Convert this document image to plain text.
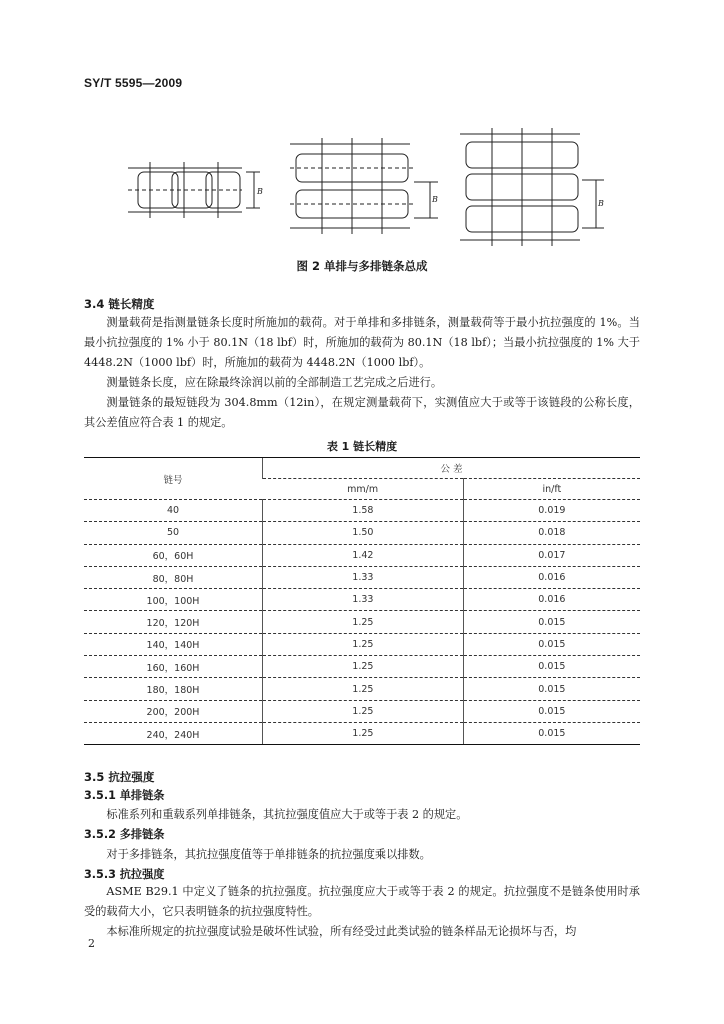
SY/T 5595—2009
B
B	B
图 2 单排与多排链条总成
3.4 链长精度

测量载荷是指测量链条长度时所施加的载荷。对于单排和多排链条，测量载荷等于最小抗拉强度的 1%。当最小抗拉强度的 1% 小于 80.1N（18 lbf）时，所施加的载荷为 80.1N（18 lbf）；当最小抗拉强度的 1% 大于 4448.2N（1000 lbf）时，所施加的载荷为 4448.2N（1000 lbf）。

测量链条长度，应在除最终涂润以前的全部制造工艺完成之后进行。

测量链条的最短链段为 304.8mm（12in），在规定测量载荷下，实测值应大于或等于该链段的公称长度，其公差值应符合表 1 的规定。

表 1 链长精度
链号	公 差	
	mm/m	in/ft
40	1.58	0.019
50	1.50	0.018
60，60H	1.42	0.017
80，80H	1.33	0.016
100，100H	1.33	0.016
120，120H	1.25	0.015
140，140H	1.25	0.015
160，160H	1.25	0.015
180，180H	1.25	0.015
200，200H	1.25	0.015
240，240H	1.25	0.015
3.5 抗拉强度
3.5.1 单排链条

标准系列和重载系列单排链条，其抗拉强度值应大于或等于表 2 的规定。

3.5.2 多排链条

对于多排链条，其抗拉强度值等于单排链条的抗拉强度乘以排数。

3.5.3 抗拉强度

ASME B29.1 中定义了链条的抗拉强度。抗拉强度应大于或等于表 2 的规定。抗拉强度不是链条使用时承受的载荷大小，它只表明链条的抗拉强度特性。

本标准所规定的抗拉强度试验是破坏性试验，所有经受过此类试验的链条样品无论损坏与否，均

2
